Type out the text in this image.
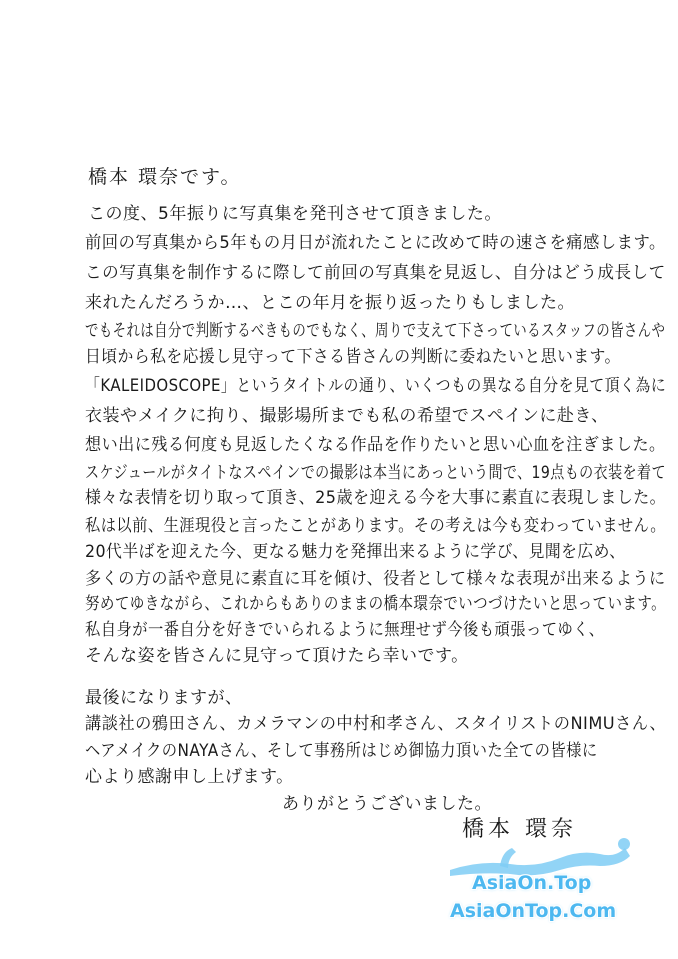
橋本 環奈です。
この度、5年振りに写真集を発刊させて頂きました。
前回の写真集から5年もの月日が流れたことに改めて時の速さを痛感します。
この写真集を制作するに際して前回の写真集を見返し、自分はどう成長して
来れたんだろうか…、とこの年月を振り返ったりもしました。
でもそれは自分で判断するべきものでもなく、周りで支えて下さっているスタッフの皆さんや
日頃から私を応援し見守って下さる皆さんの判断に委ねたいと思います。
「KALEIDOSCOPE」というタイトルの通り、いくつもの異なる自分を見て頂く為に
衣装やメイクに拘り、撮影場所までも私の希望でスペインに赴き、
想い出に残る何度も見返したくなる作品を作りたいと思い心血を注ぎました。
スケジュールがタイトなスペインでの撮影は本当にあっという間で、19点もの衣装を着て
様々な表情を切り取って頂き、25歳を迎える今を大事に素直に表現しました。
私は以前、生涯現役と言ったことがあります。その考えは今も変わっていません。
20代半ばを迎えた今、更なる魅力を発揮出来るように学び、見聞を広め、
多くの方の話や意見に素直に耳を傾け、役者として様々な表現が出来るように
努めてゆきながら、これからもありのままの橋本環奈でいつづけたいと思っています。
私自身が一番自分を好きでいられるように無理せず今後も頑張ってゆく、
そんな姿を皆さんに見守って頂けたら幸いです。
最後になりますが、
講談社の鴉田さん、カメラマンの中村和孝さん、スタイリストのNIMUさん、
ヘアメイクのNAYAさん、そして事務所はじめ御協力頂いた全ての皆様に
心より感謝申し上げます。
ありがとうございました。
橋本 環奈
AsiaOn.Top
AsiaOnTop.Com
